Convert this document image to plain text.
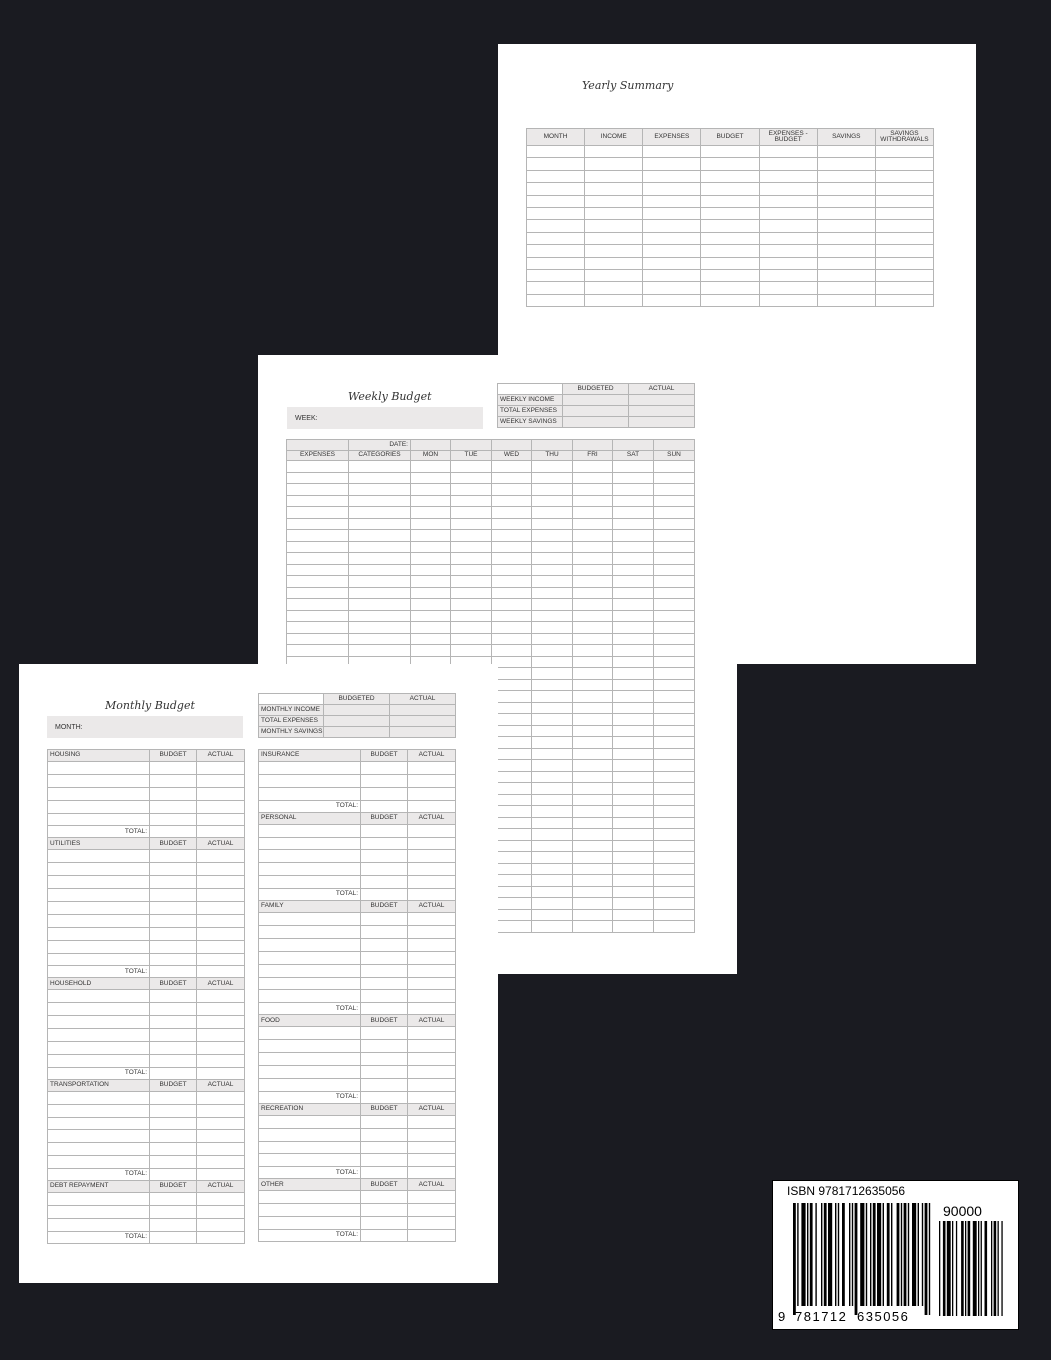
Yearly Summary
MONTH	INCOME	EXPENSES	BUDGET	EXPENSES - BUDGET	SAVINGS	SAVINGS WITHDRAWALS

Weekly Budget
WEEK:
	BUDGETED	ACTUAL
WEEKLY INCOME		
TOTAL EXPENSES		
WEEKLY SAVINGS		
	DATE:							
EXPENSES	CATEGORIES	MON	TUE	WED	THU	FRI	SAT	SUN

Monthly Budget
MONTH:
	BUDGETED	ACTUAL
MONTHLY INCOME		
TOTAL EXPENSES		
MONTHLY SAVINGS		
HOUSING	BUDGET	ACTUAL

TOTAL:		
UTILITIES	BUDGET	ACTUAL

TOTAL:		
HOUSEHOLD	BUDGET	ACTUAL

TOTAL:		
TRANSPORTATION	BUDGET	ACTUAL

TOTAL:		
DEBT REPAYMENT	BUDGET	ACTUAL

TOTAL:		
INSURANCE	BUDGET	ACTUAL

TOTAL:		
PERSONAL	BUDGET	ACTUAL

TOTAL:		
FAMILY	BUDGET	ACTUAL

TOTAL:		
FOOD	BUDGET	ACTUAL

TOTAL:		
RECREATION	BUDGET	ACTUAL

TOTAL:		
OTHER	BUDGET	ACTUAL

TOTAL:		
ISBN 9781712635056
90000
9 781712 635056
